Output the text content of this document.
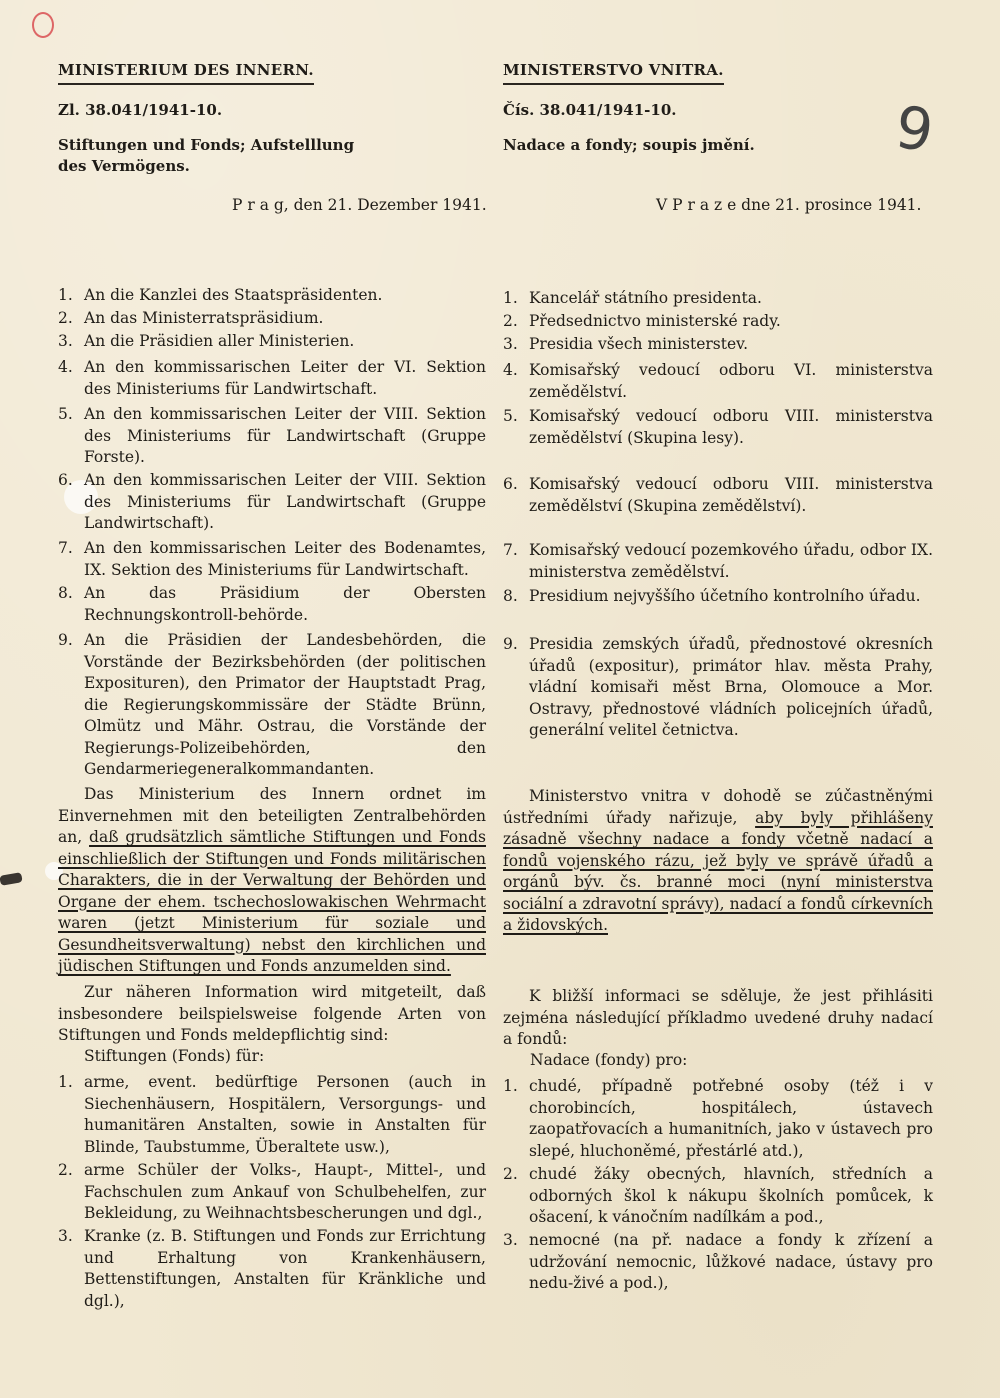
9
MINISTERIUM DES INNERN.
Zl. 38.041/1941-10.
Stiftungen und Fonds; Aufstelllung
des Vermögens.
P r a g, den 21. Dezember 1941.
MINISTERSTVO VNITRA.
Čís. 38.041/1941-10.
Nadace a fondy; soupis jmění.
V P r a z e dne 21. prosince 1941.
1. An die Kanzlei des Staatspräsidenten.
2. An das Ministerratspräsidium.
3. An die Präsidien aller Ministerien.
4. An den kommissarischen Leiter der VI. Sektion des Ministeriums für Landwirtschaft.
5. An den kommissarischen Leiter der VIII. Sektion des Ministeriums für Landwirtschaft (Gruppe Forste).
6. An den kommissarischen Leiter der VIII. Sektion des Ministeriums für Landwirtschaft (Gruppe Landwirtschaft).
7. An den kommissarischen Leiter des Bodenamtes, IX. Sektion des Ministeriums für Landwirtschaft.
8. An das Präsidium der Obersten Rechnungskontroll-behörde.
9. An die Präsidien der Landesbehörden, die Vorstände der Bezirksbehörden (der politischen Exposituren), den Primator der Hauptstadt Prag, die Regierungskommissäre der Städte Brünn, Olmütz und Mähr. Ostrau, die Vorstände der Regierungs-Polizeibehörden, den Gendarmeriegeneralkommandanten.
1. Kancelář státního presidenta.
2. Předsednictvo ministerské rady.
3. Presidia všech ministerstev.
4. Komisařský vedoucí odboru VI. ministerstva zemědělství.
5. Komisařský vedoucí odboru VIII. ministerstva zemědělství (Skupina lesy).
6. Komisařský vedoucí odboru VIII. ministerstva zemědělství (Skupina zemědělství).
7. Komisařský vedoucí pozemkového úřadu, odbor IX. ministerstva zemědělství.
8. Presidium nejvyššího účetního kontrolního úřadu.
9. Presidia zemských úřadů, přednostové okresních úřadů (expositur), primátor hlav. města Prahy, vládní komisaři měst Brna, Olomouce a Mor. Ostravy, přednostové vládních policejních úřadů, generální velitel četnictva.
Das Ministerium des Innern ordnet im Einvernehmen mit den beteiligten Zentralbehörden an, daß grudsätzlich sämtliche Stiftungen und Fonds einschließlich der Stiftungen und Fonds militärischen Charakters, die in der Verwaltung der Behörden und Organe der ehem. tschechoslowakischen Wehrmacht waren (jetzt Ministerium für soziale und Gesundheitsverwaltung) nebst den kirchlichen und jüdischen Stiftungen und Fonds anzumelden sind.
Ministerstvo vnitra v dohodě se zúčastněnými ústředními úřady nařizuje, aby byly přihlášeny zásadně všechny nadace a fondy včetně nadací a fondů vojenského rázu, jež byly ve správě úřadů a orgánů býv. čs. branné moci (nyní ministerstva sociální a zdravotní správy), nadací a fondů církevních a židovských.
Zur näheren Information wird mitgeteilt, daß insbesondere beilspielsweise folgende Arten von Stiftungen und Fonds meldepflichtig sind:
K bližší informaci se sděluje, že jest přihlásiti zejména následující příkladmo uvedené druhy nadací a fondů:
Stiftungen (Fonds) für:	Nadace (fondy) pro:
1. arme, event. bedürftige Personen (auch in Siechenhäusern, Hospitälern, Versorgungs- und humanitären Anstalten, sowie in Anstalten für Blinde, Taubstumme, Überaltete usw.),
2. arme Schüler der Volks-, Haupt-, Mittel-, und Fachschulen zum Ankauf von Schulbehelfen, zur Bekleidung, zu Weihnachtsbescherungen und dgl.,
3. Kranke (z. B. Stiftungen und Fonds zur Errichtung und Erhaltung von Krankenhäusern, Bettenstiftungen, Anstalten für Kränkliche und dgl.),
1. chudé, případně potřebné osoby (též i v chorobincích, hospitálech, ústavech zaopatřovacích a humanitních, jako v ústavech pro slepé, hluchoněmé, přestárlé atd.),
2. chudé žáky obecných, hlavních, středních a odborných škol k nákupu školních pomůcek, k ošacení, k vánočním nadílkám a pod.,
3. nemocné (na př. nadace a fondy k zřízení a udržování nemocnic, lůžkové nadace, ústavy pro nedu-živé a pod.),
